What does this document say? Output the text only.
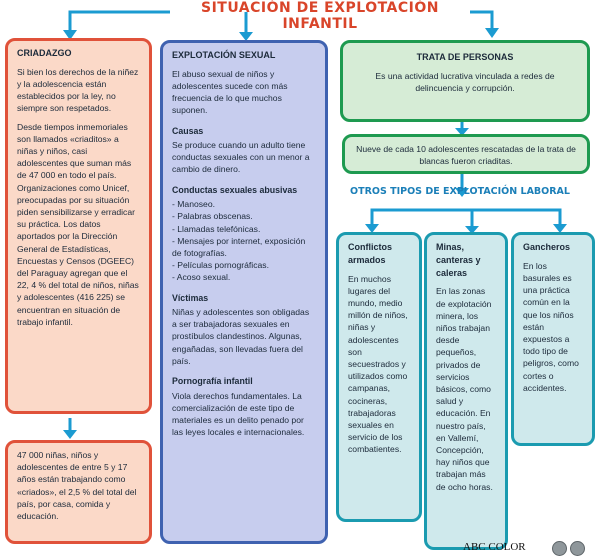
SITUACIÓN DE EXPLOTACIÓN INFANTIL
CRIADAZGO

Si bien los derechos de la niñez y la adolescencia están establecidos por la ley, no siempre son respetados.

Desde tiempos inmemoriales son llamados «criaditos» a niñas y niños, casi adolescentes que suman más de 47 000 en todo el país. Organizaciones como Unicef, preocupadas por su situación piden sensibilizarse y erradicar su práctica. Los datos aportados por la Dirección General de Estadísticas, Encuestas y Censos (DGEEC) del Paraguay agregan que el 22, 4 % del total de niños, niñas y adolescentes (416 225) se encuentran en situación de trabajo infantil.

47 000 niñas, niños y adolescentes de entre 5 y 17 años están trabajando como «criados», el 2,5 % del total del país, por casa, comida y educación.

EXPLOTACIÓN SEXUAL

El abuso sexual de niños y adolescentes sucede con más frecuencia de lo que muchos suponen.

Causas

Se produce cuando un adulto tiene conductas sexuales con un menor a cambio de dinero.

Conductas sexuales abusivas

- Manoseo.

- Palabras obscenas.

- Llamadas telefónicas.

- Mensajes por internet, exposición de fotografías.

- Películas pornográficas.

- Acoso sexual.

Víctimas

Niñas y adolescentes son obligadas a ser trabajadoras sexuales en prostíbulos clandestinos. Algunas, engañadas, son llevadas fuera del país.

Pornografía infantil

Viola derechos fundamentales. La comercialización de este tipo de materiales es un delito penado por las leyes locales e internacionales.

TRATA DE PERSONAS

Es una actividad lucrativa vinculada a redes de delincuencia y corrupción.

Nueve de cada 10 adolescentes rescatadas de la trata de blancas fueron criaditas.

OTROS TIPOS DE EXPLOTACIÓN LABORAL
Conflictos armados

En muchos lugares del mundo, medio millón de niños, niñas y adolescentes son secuestrados y utilizados como campanas, cocineras, trabajadoras sexuales en servicio de los combatientes.

Minas, canteras y caleras

En las zonas de explotación minera, los niños trabajan desde pequeños, privados de servicios básicos, como salud y educación. En nuestro país, en Vallemí, Concepción, hay niños que trabajan más de ocho horas.

Gancheros

En los basurales es una práctica común en la que los niños están expuestos a todo tipo de peligros, como cortes o accidentes.

ABC COLOR
